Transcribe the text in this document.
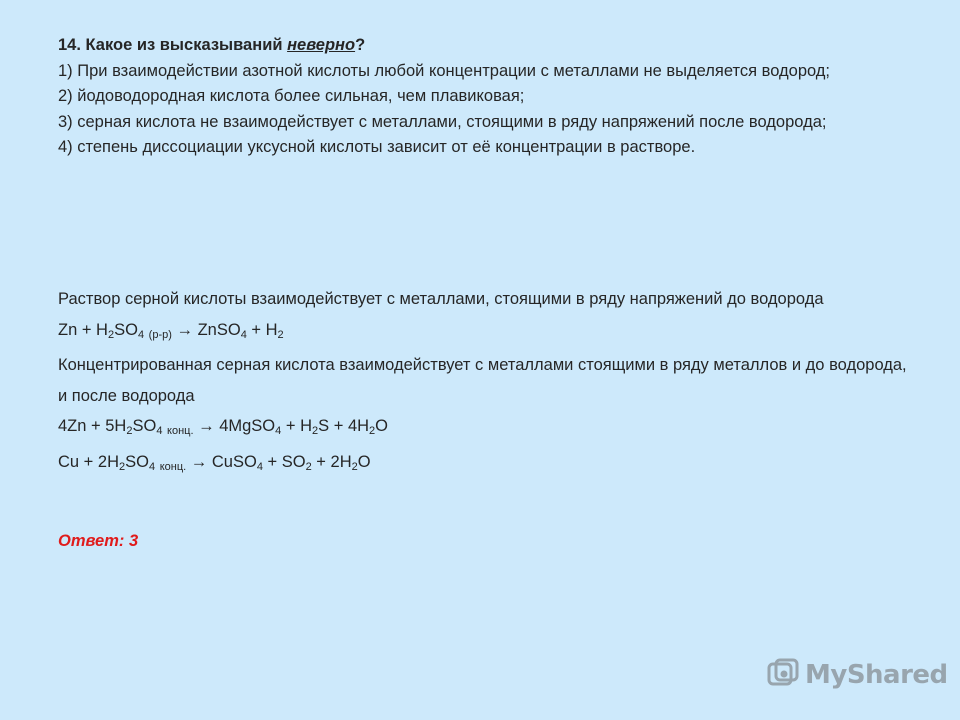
14. Какое из высказываний неверно?

1) При взаимодействии азотной кислоты любой концентрации с металлами не выделяется водород;

2) йодоводородная кислота более сильная, чем плавиковая;

3) серная кислота не взаимодействует с металлами, стоящими в ряду напряжений после водорода;

4) степень диссоциации уксусной кислоты зависит от её концентрации в растворе.

Раствор серной кислоты взаимодействует с металлами, стоящими в ряду напряжений до водорода

$Zn + H_2SO_4$ (р-р) → ZnSO$_4$ + $H_2$

Концентрированная серная кислота взаимодействует с металлами стоящими в ряду металлов и до водорода, и после водорода

$4Zn + 5H_2SO_4$ конц. → 4MgSO$_4$ + $H_2S + 4H_2O$

$Cu + 2H_2SO_4$ конц. → CuSO$_4$ + $SO_2 + 2H_2O$

Ответ: 3
MyShared
